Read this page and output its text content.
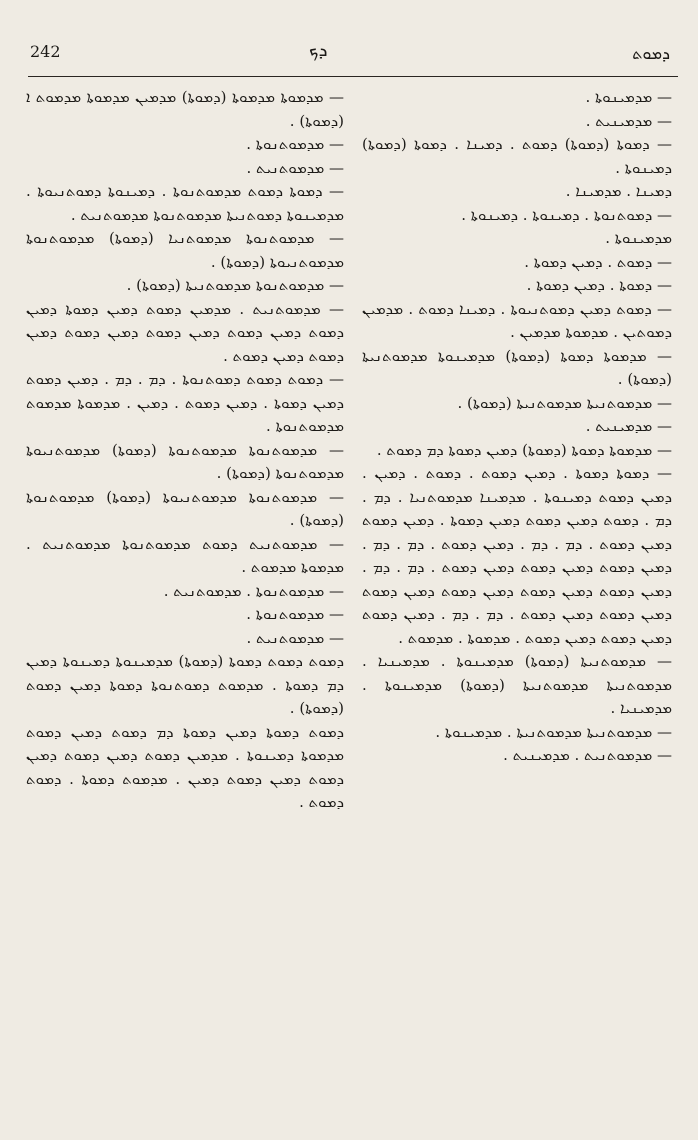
242	ܕܟ	ܕܡܘܬ

— ܡܕܡܝܢܘܬܐ .

— ܡܕܡܝܢܝܬ .

— ܕܡܘܬܐ (ܕܡܘܬܐ) ܕܡܘܬ . ܕܡܝܢܐ . ܕܡܘܬܐ (ܕܡܘܬܐ) ܕܡܝܢܘܬܐ .

ܕܡܝܢܐ . ܡܕܡܝܢܐ .

— ܕܡܘܬܢܘܬܐ . ܕܡܝܢܘܬܐ . ܕܡܝܢܘܬܐ .

ܡܕܡܝܢܘܬܐ .

— ܕܡܘܬ . ܕܡܝܢ ܕܡܘܬܐ .

— ܕܡܘܬܐ . ܕܡܝܢ ܕܡܘܬܐ .

— ܕܡܘܬ ܕܡܝܢ ܕܡܘܬܢܝܘܬܐ . ܕܡܝܢܐ ܕܡܘܬ . ܡܕܡܝܢ ܕܡܘܬܝܢ . ܡܕܡܘܬܐ ܡܕܡܝܢ .

— ܡܕܡܘܬܐ ܕܡܘܬܐ (ܕܡܘܬܐ) ܡܕܡܝܢܘܬܐ ܡܕܡܘܬܢܝܬܐ (ܕܡܘܬܐ) .

— ܡܕܡܘܬܢܝܬܐ ܡܕܡܘܬܢܝܬܐ (ܕܡܘܬܐ) .

— ܡܕܡܝܢܝܬ .

— ܡܕܡܘܬܐ ܕܡܘܬܐ (ܕܡܘܬܐ) ܕܡܝܢ ܕܡܘܬܐ ܕܡ ܕܡܘܬ .

— ܕܡܘܬܐ ܕܡܘܬܐ . ܕܡܝܢ ܕܡܘܬ . ܕܡܘܬ . ܕܡܝܢ . ܕܡܝܢ ܕܡܘܬ ܕܡܝܢܘܬܐ . ܡܕܡܝܢܐ ܡܕܡܘܬܢܝܐ . ܕܡ . ܕܡ . ܕܡܘܬ ܕܡܝܢ ܕܡܘܬ ܕܡܝܢ ܕܡܘܬܐ . ܕܡܝܢ ܕܡܘܬ ܕܡܝܢ ܕܡܘܬ . ܕܡ . ܕܡ . ܕܡܝܢ ܕܡܘܬ . ܕܡ . ܕܡ . ܕܡܝܢ ܕܡܘܬ ܕܡܝܢ ܕܡܘܬ ܕܡܝܢ ܕܡܘܬ . ܕܡ . ܕܡ . ܕܡܝܢ ܕܡܘܬ ܕܡܝܢ ܕܡܘܬ ܕܡܝܢ ܕܡܘܬ ܕܡܝܢ ܕܡܘܬ ܕܡܝܢ ܕܡܘܬ ܕܡܝܢ ܕܡܘܬ . ܕܡ . ܕܡ . ܕܡܝܢ ܕܡܘܬ ܕܡܝܢ ܕܡܘܬ ܕܡܝܢ ܕܡܘܬ . ܡܕܡܘܬܐ . ܡܕܡܘܬ .

— ܡܕܡܘܬܢܝܬܐ (ܕܡܘܬܐ) ܡܕܡܝܢܘܬܐ . ܡܕܡܝܢܝܐ . ܡܕܡܘܬܢܝܬܐ ܡܕܡܘܬܢܝܬܐ (ܕܡܘܬܐ) ܡܕܡܝܢܘܬܐ . ܡܕܡܝܢܝܐ .

— ܡܕܡܘܬܢܝܬܐ ܡܕܡܘܬܢܝܬܐ . ܡܕܡܝܢܘܬܐ .

— ܡܕܡܘܬܢܝܬ . ܡܕܡܝܢܝܬ .

— ܡܕܡܘܬܐ ܡܕܡܘܬܐ (ܕܡܘܬܐ) ܡܕܡܝܢ ܡܕܡܘܬܐ ܡܕܡܘܬ ܐ (ܕܡܘܬܐ) .

— ܡܕܡܘܬܢܘܬܐ .

— ܡܕܡܘܬܢܝܬ .

— ܕܡܘܬܐ ܕܡܘܬ ܡܕܡܘܬܢܘܬܐ . ܕܡܝܢܘܬܐ ܕܡܘܬܢܝܘܬܐ . ܡܕܡܝܢܘܬܐ ܕܡܘܬܢܝܬܐ ܡܕܡܘܬܢܘܬܐ ܡܕܡܘܬܢܝܬ .

— ܡܕܡܘܬܢܘܬܐ ܡܕܡܘܬܢܝܐ (ܕܡܘܬܐ) ܡܕܡܘܬܢܘܬܐ ܡܕܡܘܬܢܝܘܬܐ (ܕܡܘܬܐ) .

— ܡܕܡܘܬܢܘܬܐ ܡܕܡܘܬܢܝܬܐ (ܕܡܘܬܐ) .

— ܡܕܡܘܬܢܝܬ . ܡܕܡܝܢ ܕܡܘܬ ܕܡܝܢ ܕܡܘܬܐ ܕܡܝܢ ܕܡܘܬ ܕܡܝܢ ܕܡܘܬ ܕܡܝܢ ܕܡܘܬ ܕܡܝܢ ܕܡܘܬ ܕܡܝܢ ܕܡܘܬ ܕܡܝܢ ܕܡܘܬ .

— ܕܡܘܬ ܕܡܘܬ ܕܡܘܬܢܘܬܐ . ܕܡ . ܕܡ . ܕܡܝܢ ܕܡܘܬ ܕܡܝܢ ܕܡܘܬܐ . ܕܡܝܢ ܕܡܘܬ . ܕܡܝܢ . ܡܕܡܘܬܐ ܡܕܡܘܬ ܡܕܡܘܬܢܘܬܐ .

— ܡܕܡܘܬܢܘܬܐ ܡܕܡܘܬܢܘܬܐ (ܕܡܘܬܐ) ܡܕܡܘܬܢܝܘܬܐ ܡܕܡܘܬܢܘܬܐ (ܕܡܘܬܐ) .

— ܡܕܡܘܬܢܘܬܐ ܡܕܡܘܬܢܝܘܬܐ (ܕܡܘܬܐ) ܡܕܡܘܬܢܘܬܐ (ܕܡܘܬܐ) .

— ܡܕܡܘܬܢܝܬ ܕܡܘܬ ܡܕܡܘܬܢܘܬܐ ܡܕܡܘܬܢܝܬ . ܡܕܡܘܬܐ ܡܕܡܘܬ .

— ܡܕܡܘܬܢܘܬܐ . ܡܕܡܘܬܢܝܬ .

— ܡܕܡܘܬܢܘܬܐ .

— ܡܕܡܘܬܢܝܬ .

ܕܡܘܬ ܕܡܘܬ ܕܡܘܬܐ (ܕܡܘܬܐ) ܡܕܡܝܢܘܬܐ ܕܡܝܢܘܬܐ ܕܡܝܢ ܕܡ ܕܡܘܬܐ . ܡܕܡܘܬ ܕܡܘܬܢܘܬܐ ܕܡܘܬܐ ܕܡܝܢ ܕܡܘܬ (ܕܡܘܬܐ) .

ܕܡܘܬ ܕܡܘܬܐ ܕܡܝܢ ܕܡܘܬܐ ܕܡ ܕܡܘܬ ܕܡܝܢ ܕܡܘܬ ܡܕܡܘܬܐ ܕܡܝܢܘܬܐ . ܡܕܡܝܢ ܕܡܘܬ ܕܡܝܢ ܕܡܘܬ ܕܡܝܢ ܕܡܘܬ ܕܡܝܢ ܕܡܘܬ ܕܡܝܢ . ܡܕܡܘܬ ܕܡܘܬܐ . ܕܡܘܬ ܕܡܘܬ .
